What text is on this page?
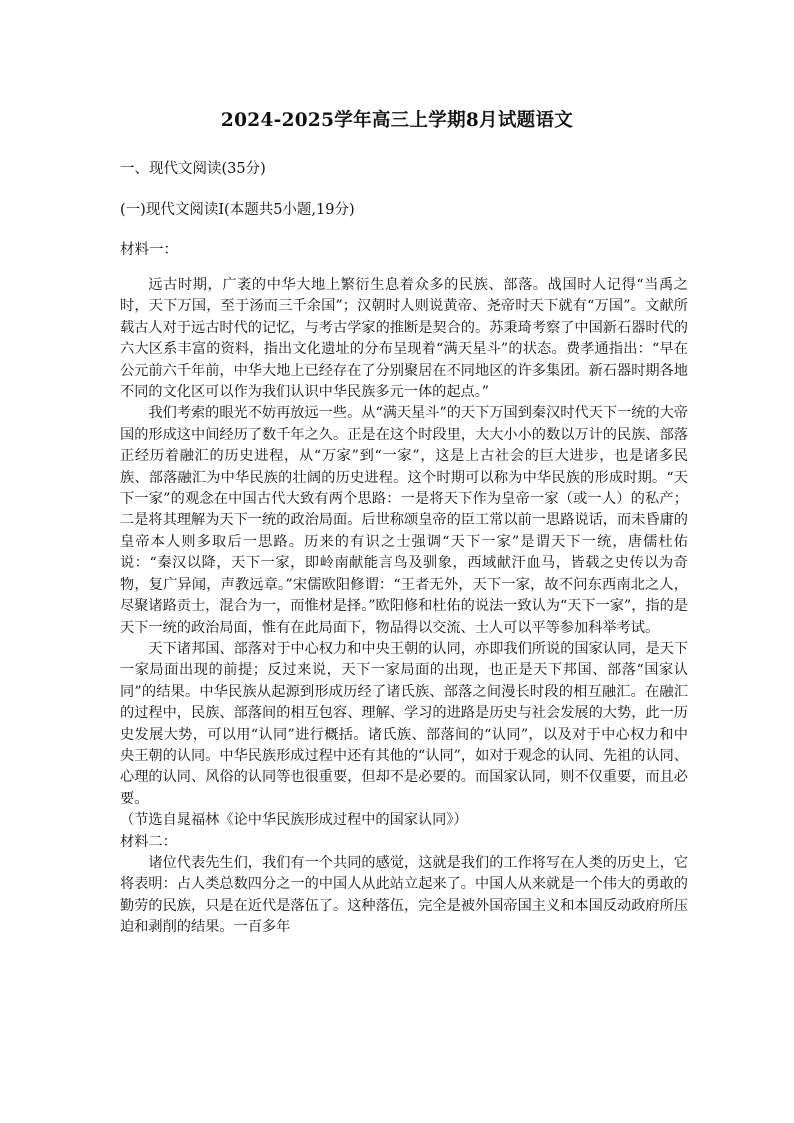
2024-2025学年高三上学期8月试题语文
一、现代文阅读(35分)
(一)现代文阅读Ⅰ(本题共5小题,19分)
材料一：

远古时期，广袤的中华大地上繁衍生息着众多的民族、部落。战国时人记得“当禹之时，天下万国，至于汤而三千余国”；汉朝时人则说黄帝、尧帝时天下就有“万国”。文献所载古人对于远古时代的记忆，与考古学家的推断是契合的。苏秉琦考察了中国新石器时代的六大区系丰富的资料，指出文化遗址的分布呈现着“满天星斗”的状态。费孝通指出：“早在公元前六千年前，中华大地上已经存在了分别聚居在不同地区的许多集团。新石器时期各地不同的文化区可以作为我们认识中华民族多元一体的起点。”

我们考索的眼光不妨再放远一些。从“满天星斗”的天下万国到秦汉时代天下一统的大帝国的形成这中间经历了数千年之久。正是在这个时段里，大大小小的数以万计的民族、部落正经历着融汇的历史进程，从“万家”到“一家”，这是上古社会的巨大进步，也是诸多民族、部落融汇为中华民族的壮阔的历史进程。这个时期可以称为中华民族的形成时期。“天下一家”的观念在中国古代大致有两个思路：一是将天下作为皇帝一家（或一人）的私产；二是将其理解为天下一统的政治局面。后世称颂皇帝的臣工常以前一思路说话，而未昏庸的皇帝本人则多取后一思路。历来的有识之士强调“天下一家”是谓天下一统，唐儒杜佑说：“秦汉以降，天下一家，即岭南献能言鸟及驯象，西域献汗血马，皆载之史传以为奇物，复广异闻，声教远章。”宋儒欧阳修谓：“王者无外，天下一家，故不问东西南北之人，尽聚诸路贡士，混合为一，而惟材是择。”欧阳修和杜佑的说法一致认为“天下一家”，指的是天下一统的政治局面，惟有在此局面下，物品得以交流、士人可以平等参加科举考试。

天下诸邦国、部落对于中心权力和中央王朝的认同，亦即我们所说的国家认同，是天下一家局面出现的前提；反过来说，天下一家局面的出现，也正是天下邦国、部落“国家认同”的结果。中华民族从起源到形成历经了诸氏族、部落之间漫长时段的相互融汇。在融汇的过程中，民族、部落间的相互包容、理解、学习的进路是历史与社会发展的大势，此一历史发展大势，可以用“认同”进行概括。诸氏族、部落间的“认同”，以及对于中心权力和中央王朝的认同。中华民族形成过程中还有其他的“认同”，如对于观念的认同、先祖的认同、心理的认同、风俗的认同等也很重要，但却不是必要的。而国家认同，则不仅重要，而且必要。

（节选自晁福林《论中华民族形成过程中的国家认同》）

材料二：

诸位代表先生们，我们有一个共同的感觉，这就是我们的工作将写在人类的历史上，它将表明：占人类总数四分之一的中国人从此站立起来了。中国人从来就是一个伟大的勇敢的勤劳的民族，只是在近代是落伍了。这种落伍，完全是被外国帝国主义和本国反动政府所压迫和剥削的结果。一百多年
